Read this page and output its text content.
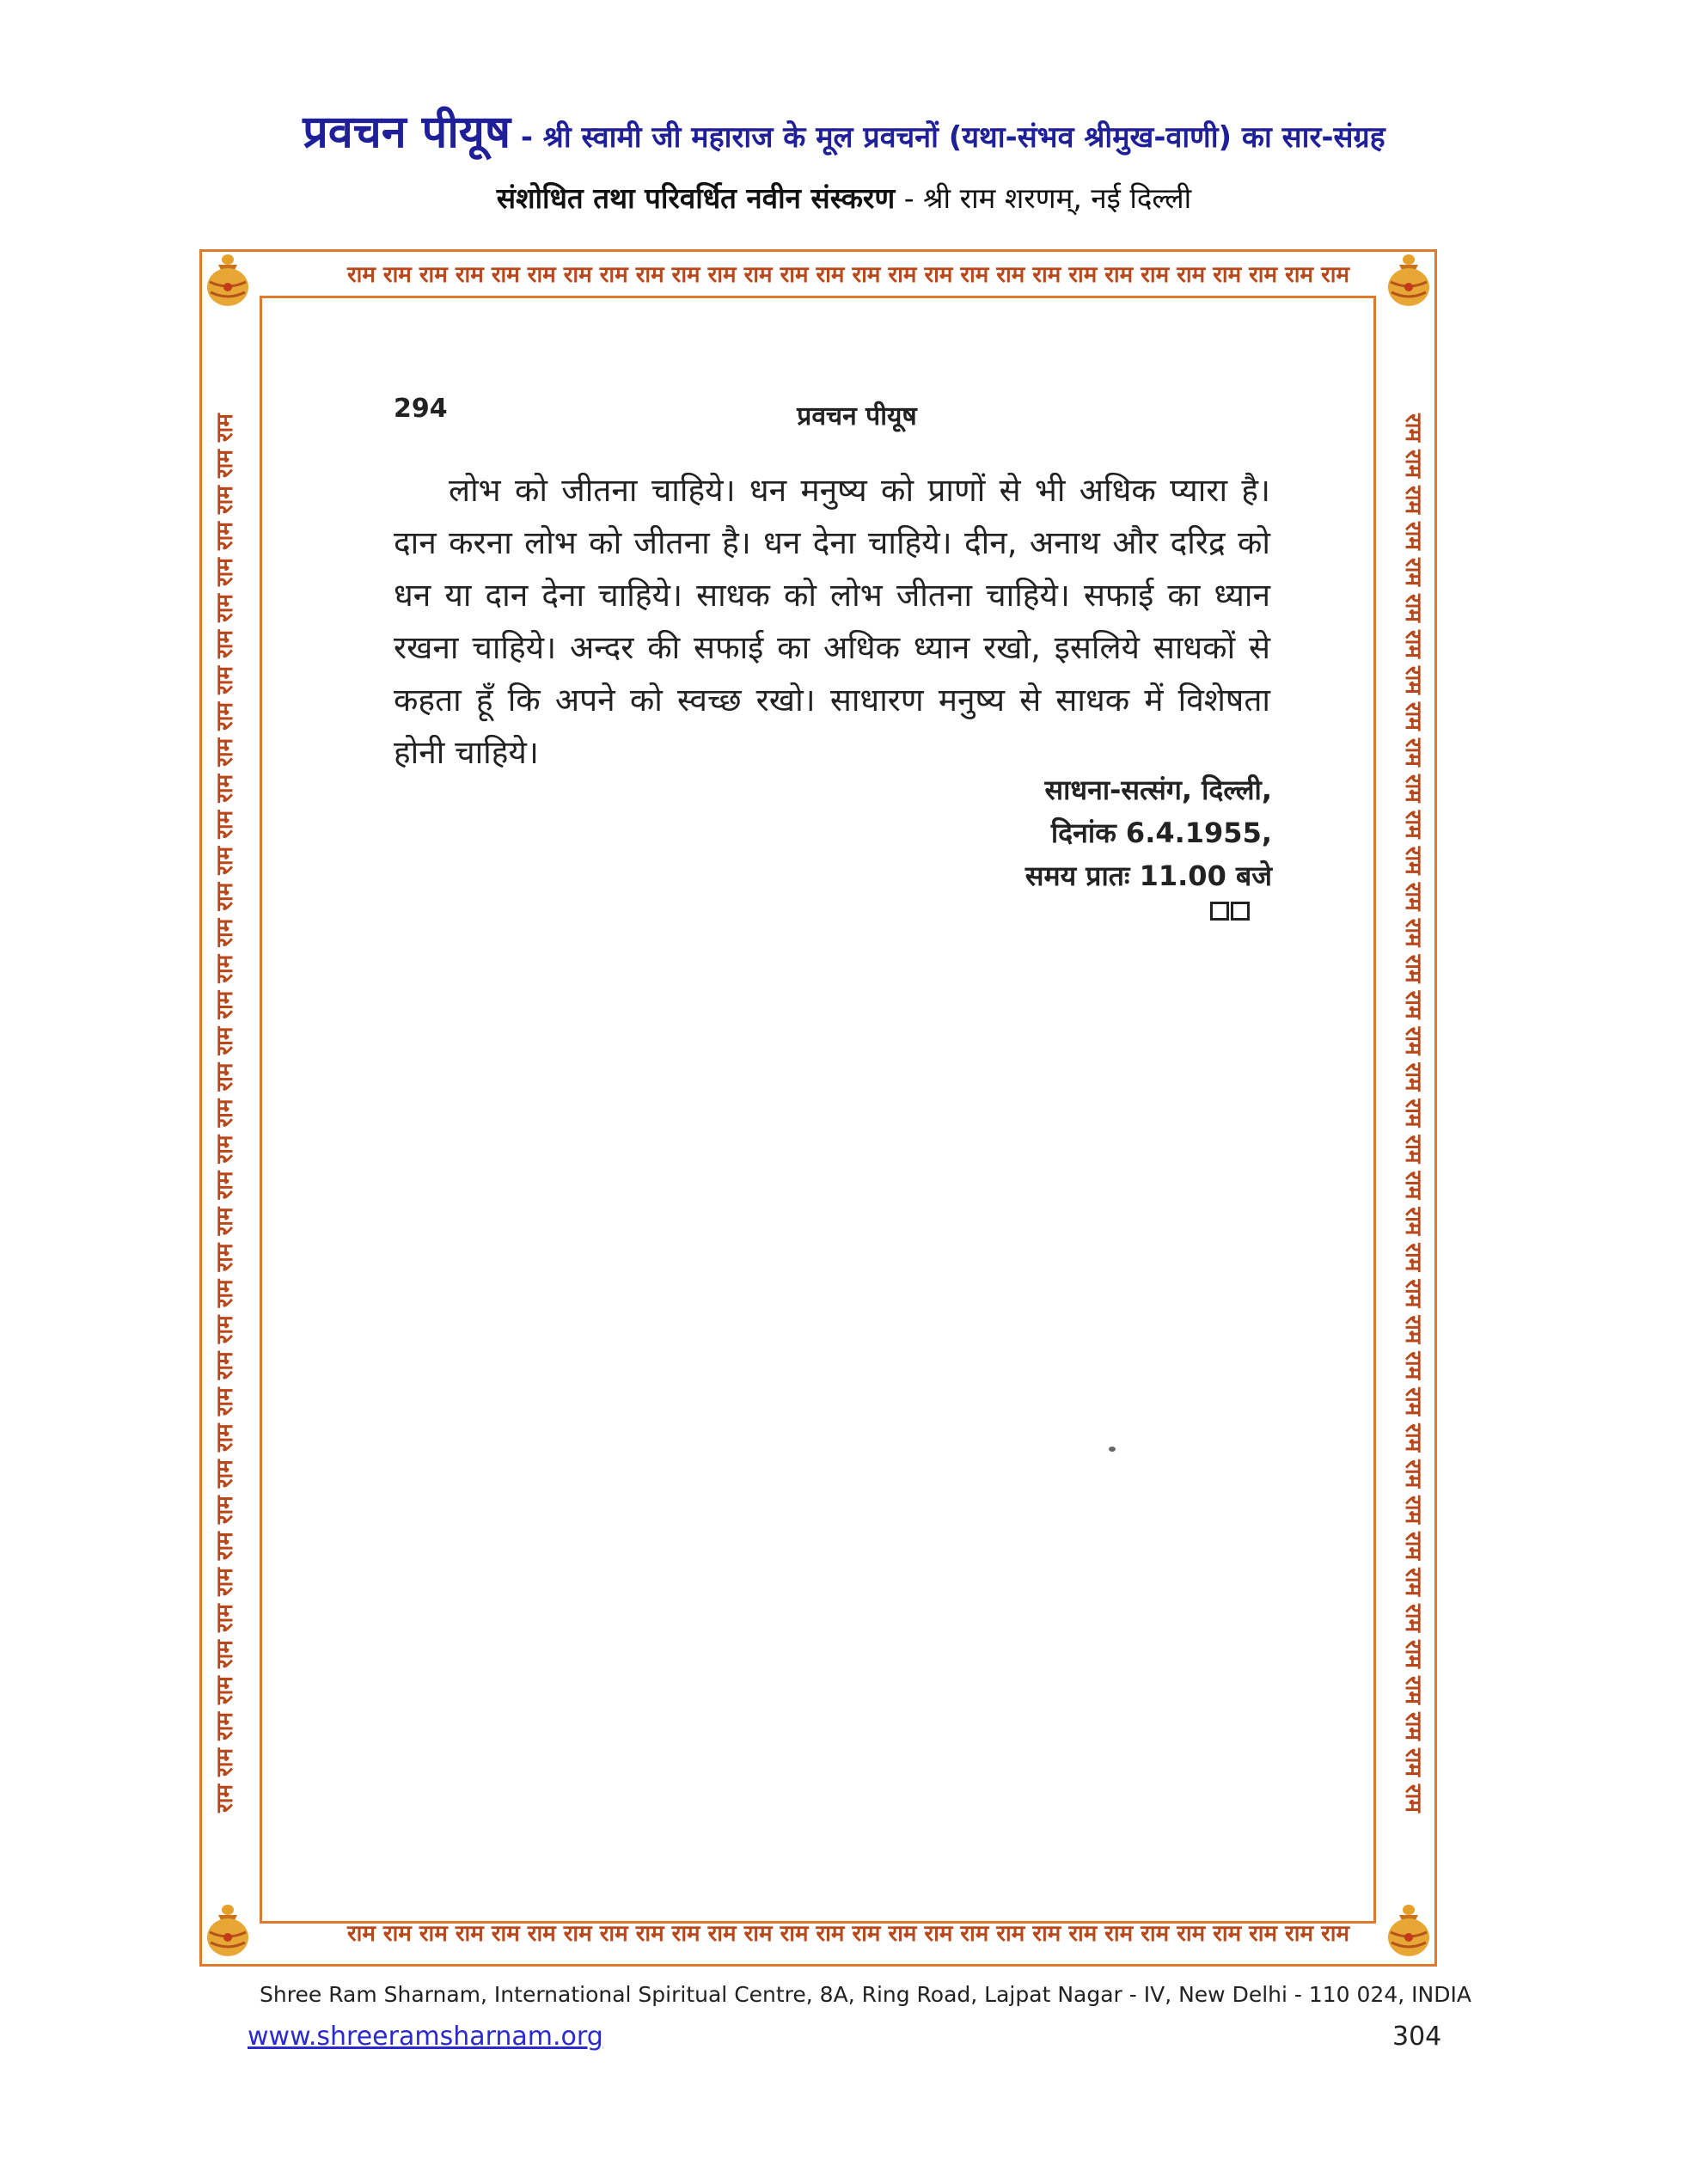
प्रवचन पीयूष - श्री स्वामी जी महाराज के मूल प्रवचनों (यथा-संभव श्रीमुख-वाणी) का सार-संग्रह
संशोधित तथा परिवर्धित नवीन संस्करण - श्री राम शरणम्, नई दिल्ली
राम राम राम राम राम राम राम राम राम राम राम राम राम राम राम राम राम राम राम राम राम राम राम राम राम राम राम राम
राम राम राम राम राम राम राम राम राम राम राम राम राम राम राम राम राम राम राम राम राम राम राम राम राम राम राम राम
राम राम राम राम राम राम राम राम राम राम राम राम राम राम राम राम राम राम राम राम राम राम राम राम राम राम राम राम राम राम राम राम राम राम राम राम राम राम राम	राम राम राम राम राम राम राम राम राम राम राम राम राम राम राम राम राम राम राम राम राम राम राम राम राम राम राम राम राम राम राम राम राम राम राम राम राम राम राम
294	प्रवचन पीयूष
लोभ को जीतना चाहिये। धन मनुष्य को प्राणों से भी अधिक प्यारा है। दान करना लोभ को जीतना है। धन देना चाहिये। दीन, अनाथ और दरिद्र को धन या दान देना चाहिये। साधक को लोभ जीतना चाहिये। सफाई का ध्यान रखना चाहिये। अन्दर की सफाई का अधिक ध्यान रखो, इसलिये साधकों से कहता हूँ कि अपने को स्वच्छ रखो। साधारण मनुष्य से साधक में विशेषता होनी चाहिये।
साधना-सत्संग, दिल्ली,
दिनांक 6.4.1955,
समय प्रातः 11.00 बजे
Shree Ram Sharnam, International Spiritual Centre, 8A, Ring Road, Lajpat Nagar - IV, New Delhi - 110 024, INDIA
www.shreeramsharnam.org	304
